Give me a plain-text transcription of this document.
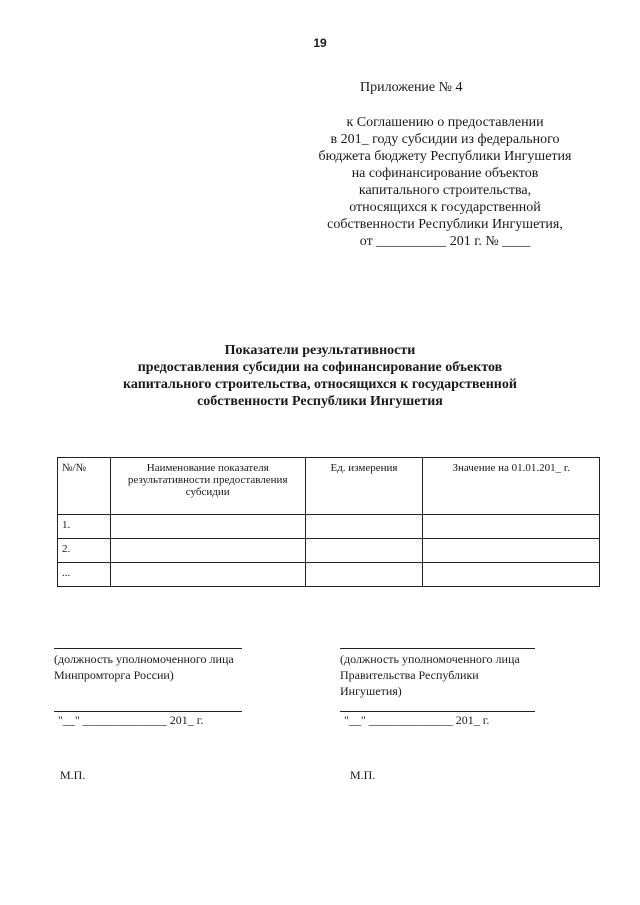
19
Приложение № 4
к Соглашению о предоставлении
в 201_ году субсидии из федерального
бюджета бюджету Республики Ингушетия
на софинансирование объектов
капитального строительства,
относящихся к государственной
собственности Республики Ингушетия,
от __________ 201 г. № ____
Показатели результативности
предоставления субсидии на софинансирование объектов
капитального строительства, относящихся к государственной
собственности Республики Ингушетия
№/№	Наименование показателя результативности предоставления субсидии	Ед. измерения	Значение на 01.01.201_ г.
1.			
2.			
...			
(должность уполномоченного лица Минпромторга России)
"__" ______________ 201_ г.
М.П.
(должность уполномоченного лица Правительства Республики Ингушетия)
"__" ______________ 201_ г.
М.П.
